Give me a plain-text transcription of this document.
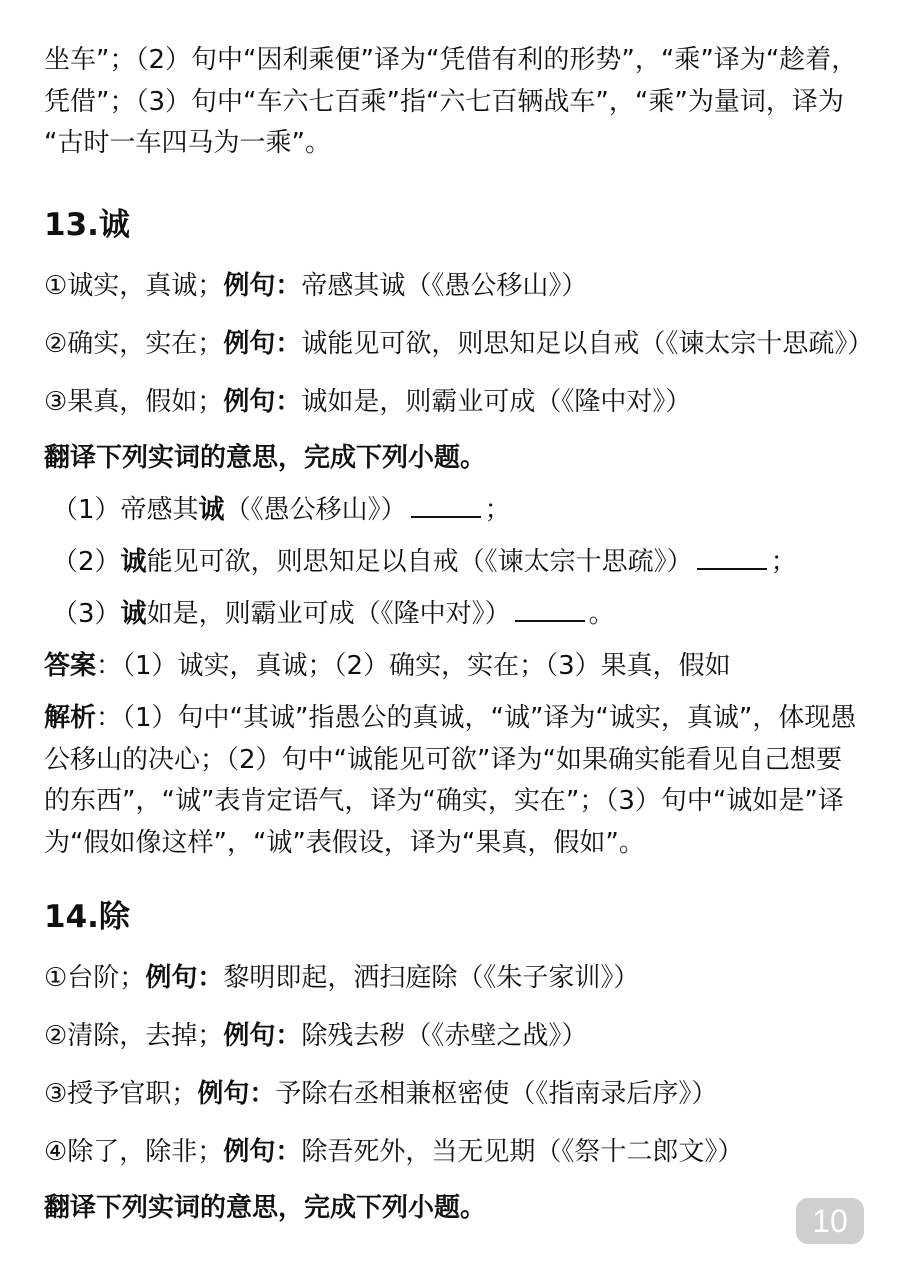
坐车”；（2）句中“因利乘便”译为“凭借有利的形势”，“乘”译为“趁着，

凭借”；（3）句中“车六七百乘”指“六七百辆战车”，“乘”为量词，译为

“古时一车四马为一乘”。

13.诚

①诚实，真诚；例句：帝感其诚（《愚公移山》）

②确实，实在；例句：诚能见可欲，则思知足以自戒（《谏太宗十思疏》）

③果真，假如；例句：诚如是，则霸业可成（《隆中对》）

翻译下列实词的意思，完成下列小题。

（1）帝感其诚（《愚公移山》）	；

（2）诚能见可欲，则思知足以自戒（《谏太宗十思疏》）	；

（3）诚如是，则霸业可成（《隆中对》）	。

答案：（1）诚实，真诚；（2）确实，实在；（3）果真，假如

解析：（1）句中“其诚”指愚公的真诚，“诚”译为“诚实，真诚”，体现愚

公移山的决心；（2）句中“诚能见可欲”译为“如果确实能看见自己想要

的东西”，“诚”表肯定语气，译为“确实，实在”；（3）句中“诚如是”译

为“假如像这样”，“诚”表假设，译为“果真，假如”。

14.除

①台阶；例句：黎明即起，洒扫庭除（《朱子家训》）

②清除，去掉；例句：除残去秽（《赤壁之战》）

③授予官职；例句：予除右丞相兼枢密使（《指南录后序》）

④除了，除非；例句：除吾死外，当无见期（《祭十二郎文》）

翻译下列实词的意思，完成下列小题。	10
